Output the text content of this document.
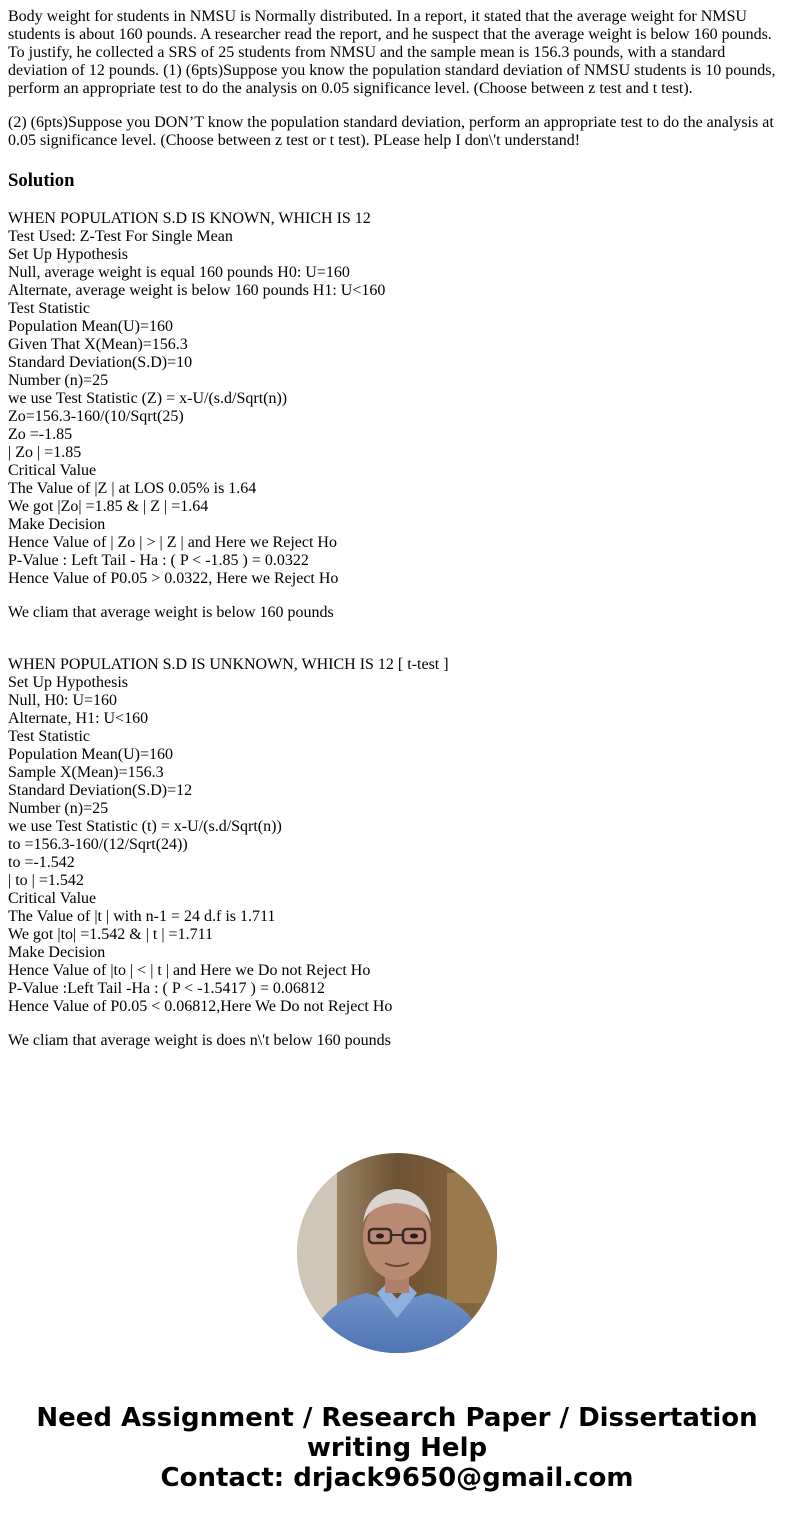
Body weight for students in NMSU is Normally distributed. In a report, it stated that the average weight for NMSU students is about 160 pounds. A researcher read the report, and he suspect that the average weight is below 160 pounds. To justify, he collected a SRS of 25 students from NMSU and the sample mean is 156.3 pounds, with a standard deviation of 12 pounds. (1) (6pts)Suppose you know the population standard deviation of NMSU students is 10 pounds, perform an appropriate test to do the analysis on 0.05 significance level. (Choose between z test and t test).

(2) (6pts)Suppose you DON’T know the population standard deviation, perform an appropriate test to do the analysis at 0.05 significance level. (Choose between z test or t test). PLease help I don\'t understand!

Solution
WHEN POPULATION S.D IS KNOWN, WHICH IS 12
Test Used: Z-Test For Single Mean
Set Up Hypothesis
Null, average weight is equal 160 pounds H0: U=160
Alternate, average weight is below 160 pounds H1: U<160
Test Statistic
Population Mean(U)=160
Given That X(Mean)=156.3
Standard Deviation(S.D)=10
Number (n)=25
we use Test Statistic (Z) = x-U/(s.d/Sqrt(n))
Zo=156.3-160/(10/Sqrt(25)
Zo =-1.85
| Zo | =1.85
Critical Value
The Value of |Z | at LOS 0.05% is 1.64
We got |Zo| =1.85 & | Z | =1.64
Make Decision
Hence Value of | Zo | > | Z | and Here we Reject Ho
P-Value : Left Tail - Ha : ( P < -1.85 ) = 0.0322
Hence Value of P0.05 > 0.0322, Here we Reject Ho
We cliam that average weight is below 160 pounds
WHEN POPULATION S.D IS UNKNOWN, WHICH IS 12 [ t-test ]
Set Up Hypothesis
Null, H0: U=160
Alternate, H1: U<160
Test Statistic
Population Mean(U)=160
Sample X(Mean)=156.3
Standard Deviation(S.D)=12
Number (n)=25
we use Test Statistic (t) = x-U/(s.d/Sqrt(n))
to =156.3-160/(12/Sqrt(24))
to =-1.542
| to | =1.542
Critical Value
The Value of |t | with n-1 = 24 d.f is 1.711
We got |to| =1.542 & | t | =1.711
Make Decision
Hence Value of |to | < | t | and Here we Do not Reject Ho
P-Value :Left Tail -Ha : ( P < -1.5417 ) = 0.06812
Hence Value of P0.05 < 0.06812,Here We Do not Reject Ho
We cliam that average weight is does n\'t below 160 pounds
Need Assignment / Research Paper / Dissertation
writing Help
Contact: drjack9650@gmail.com
